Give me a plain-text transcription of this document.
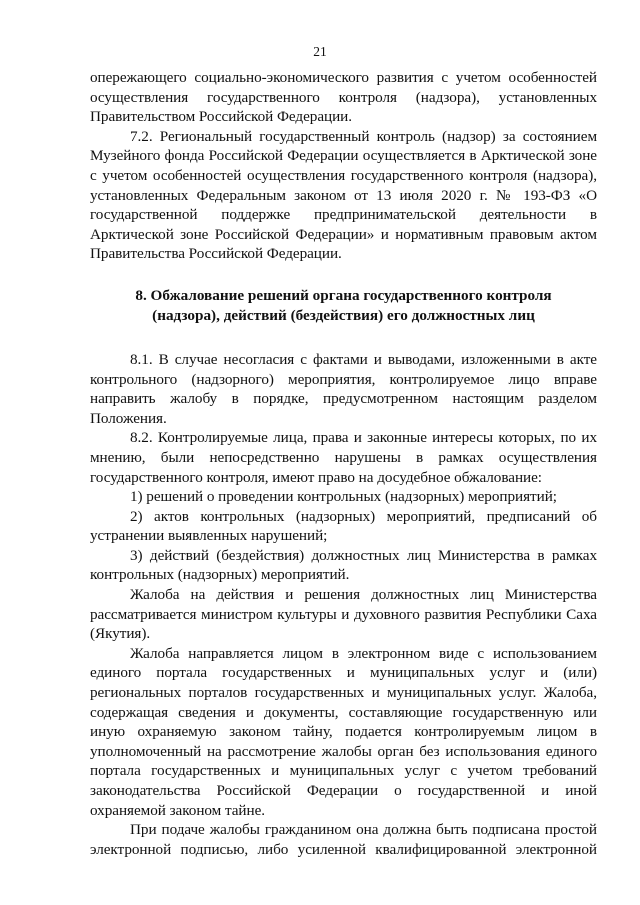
21

опережающего социально-экономического развития с учетом особенностей осуществления государственного контроля (надзора), установленных Правительством Российской Федерации.

7.2. Региональный государственный контроль (надзор) за состоянием Музейного фонда Российской Федерации осуществляется в Арктической зоне с учетом особенностей осуществления государственного контроля (надзора), установленных Федеральным законом от 13 июля 2020 г. № 193-ФЗ «О государственной поддержке предпринимательской деятельности в Арктической зоне Российской Федерации» и нормативным правовым актом Правительства Российской Федерации.

8. Обжалование решений органа государственного контроля
(надзора), действий (бездействия) его должностных лиц

8.1. В случае несогласия с фактами и выводами, изложенными в акте контрольного (надзорного) мероприятия, контролируемое лицо вправе направить жалобу в порядке, предусмотренном настоящим разделом Положения.

8.2. Контролируемые лица, права и законные интересы которых, по их мнению, были непосредственно нарушены в рамках осуществления государственного контроля, имеют право на досудебное обжалование:

1) решений о проведении контрольных (надзорных) мероприятий;

2) актов контрольных (надзорных) мероприятий, предписаний об устранении выявленных нарушений;

3) действий (бездействия) должностных лиц Министерства в рамках контрольных (надзорных) мероприятий.

Жалоба на действия и решения должностных лиц Министерства рассматривается министром культуры и духовного развития Республики Саха (Якутия).

Жалоба направляется лицом в электронном виде с использованием единого портала государственных и муниципальных услуг и (или) региональных порталов государственных и муниципальных услуг. Жалоба, содержащая сведения и документы, составляющие государственную или иную охраняемую законом тайну, подается контролируемым лицом в уполномоченный на рассмотрение жалобы орган без использования единого портала государственных и муниципальных услуг с учетом требований законодательства Российской Федерации о государственной и иной охраняемой законом тайне.

При подаче жалобы гражданином она должна быть подписана простой электронной подписью, либо усиленной квалифицированной электронной
